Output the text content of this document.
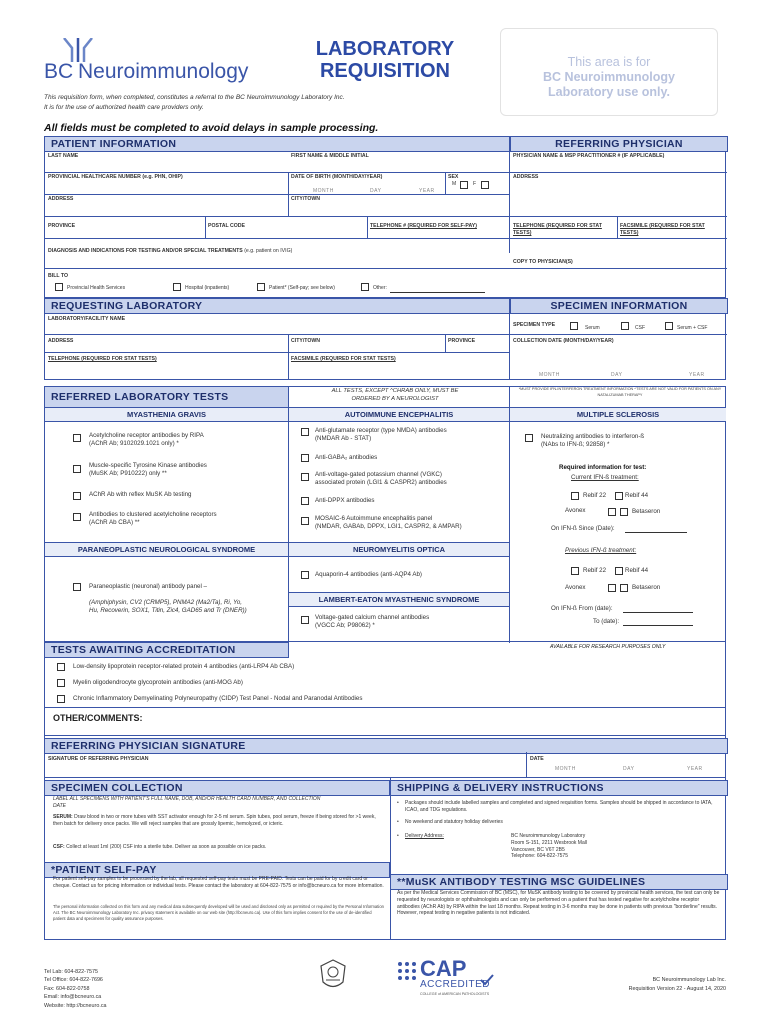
BC Neuroimmunology
LABORATORY
REQUISITION	This area is for
BC Neuroimmunology
Laboratory use only.
This requisition form, when completed, constitutes a referral to the BC Neuroimmunology Laboratory Inc.
It is for the use of authorized health care providers only.
All fields must be completed to avoid delays in sample processing.
PATIENT INFORMATION	REFERRING PHYSICIAN
LAST NAME	FIRST NAME & MIDDLE INITIAL	PHYSICIAN NAME & MSP PRACTITIONER # (IF APPLICABLE)
PROVINCIAL HEALTHCARE NUMBER (e.g. PHN, OHIP)	DATE OF BIRTH (MONTH/DAY/YEAR)
MONTH	DAY	YEAR
SEX
M	F
ADDRESS
ADDRESS	CITY/TOWN
PROVINCE	POSTAL CODE	TELEPHONE # (REQUIRED FOR SELF-PAY)	TELEPHONE (REQUIRED FOR STAT
TESTS)
FACSIMILE (REQUIRED FOR STAT
TESTS)
DIAGNOSIS AND INDICATIONS FOR TESTING AND/OR SPECIAL TREATMENTS (e.g. patient on IVIG)
COPY TO PHYSICIAN(S)
BILL TO
Provincial Health Services	Hospital (inpatients)	Patient* (Self-pay; see below)	Other:
REQUESTING LABORATORY	SPECIMEN INFORMATION
LABORATORY/FACILITY NAME
SPECIMEN TYPE	Serum	CSF	Serum + CSF
ADDRESS	CITY/TOWN	PROVINCE	COLLECTION DATE (MONTH/DAY/YEAR)
TELEPHONE (REQUIRED FOR STAT TESTS)	FACSIMILE (REQUIRED FOR STAT TESTS)
MONTH	DAY	YEAR
REFERRED LABORATORY TESTS	ALL TESTS, EXCEPT ^CHRAB ONLY, MUST BE
ORDERED BY A NEUROLOGIST
*MUST PROVIDE IFN-INTERFERON TREATMENT INFORMATION ^TESTS ARE NOT VALID FOR PATIENTS ON ANY NATALIZUMAB THERAPY
MYASTHENIA GRAVIS	AUTOIMMUNE ENCEPHALITIS	MULTIPLE SCLEROSIS
Acetylcholine receptor antibodies by RIPA
(AChR Ab; 9102029.1021 only) *
Muscle-specific Tyrosine Kinase antibodies
(MuSK Ab; P910222) only **
AChR Ab with reflex MuSK Ab testing
Antibodies to clustered acetylcholine receptors
(AChR Ab CBA) **
Anti-glutamate receptor (type NMDA) antibodies
(NMDAR Ab - STAT)
Anti-GABA₂ antibodies
Anti-voltage-gated potassium channel (VGKC)
associated protein (LGI1 & CASPR2) antibodies
Anti-DPPX antibodies
MOSAIC-6 Autoimmune encephalitis panel
(NMDAR, GABAb, DPPX, LGI1, CASPR2, & AMPAR)
Neutralizing antibodies to interferon-ß
(NAbs to IFN-ß; 92858) *
Required information for test:
Current IFN-ß treatment:
Rebif 22	Rebif 44
Avonex	Betaseron
On IFN-ß Since (Date):
PARANEOPLASTIC NEUROLOGICAL SYNDROME	NEUROMYELITIS OPTICA
Paraneoplastic (neuronal) antibody panel –
(Amphiphysin, CV2 (CRMP5), PNMA2 (Ma2/Ta), Ri, Yo,
Hu, Recoverin, SOX1, Titin, Zic4, GAD65 and Tr (DNER))
Aquaporin-4 antibodies (anti-AQP4 Ab)
LAMBERT-EATON MYASTHENIC SYNDROME
Voltage-gated calcium channel antibodies
(VGCC Ab; P98062) *
Previous IFN-ß treatment:
Rebif 22	Rebif 44
Avonex	Betaseron
On IFN-ß From (date):
To (date):
TESTS AWAITING ACCREDITATION	AVAILABLE FOR RESEARCH PURPOSES ONLY
Low-density lipoprotein receptor-related protein 4 antibodies (anti-LRP4 Ab CBA)
Myelin oligodendrocyte glycoprotein antibodies (anti-MOG Ab)
Chronic Inflammatory Demyelinating Polyneuropathy (CIDP) Test Panel - Nodal and Paranodal Antibodies
OTHER/COMMENTS:
REFERRING PHYSICIAN SIGNATURE
SIGNATURE OF REFERRING PHYSICIAN	DATE
MONTH	DAY	YEAR
SPECIMEN COLLECTION
LABEL ALL SPECIMENS WITH PATIENT'S FULL NAME, DOB, AND/OR HEALTH CARD NUMBER, AND COLLECTION
DATE
SERUM: Draw blood in two or more tubes with SST activator enough for 2-5 ml serum. Spin tubes, pool serum, freeze if being stored for >1 week, then batch for delivery once packs. We will reject samples that are grossly lipemic, hemolyzed, or icteric.
CSF: Collect at least 1ml (200) CSF into a sterile tube. Deliver as soon as possible on ice packs.
*PATIENT SELF-PAY
For patient self-pay samples to be processed by the lab, all requested self-pay tests must be PRE-PAID. Tests can be paid for by credit card or cheque. Contact us for pricing information or individual tests. Please contact the laboratory at 604-822-7575 or info@bcneuro.ca for more information.
The personal information collected on this form and any medical data subsequently developed will be used and disclosed only as permitted or required by the Personal Information Act. The BC Neuroimmunology Laboratory Inc. privacy statement is available on our web site (http://bcneuro.ca). Use of this form implies consent for the use of de-identified patient data and specimens for quality assurance purposes.
SHIPPING & DELIVERY INSTRUCTIONS
• Packages should include labelled samples and completed and signed requisition forms. Samples should be shipped in accordance to IATA, ICAO, and TDG regulations.
• No weekend and statutory holiday deliveries
• Delivery Address:	BC Neuroimmunology Laboratory
Room S-151, 2211 Wesbrook Mall
Vancouver, BC V6T 2B5
Telephone: 604-822-7575
**MuSK ANTIBODY TESTING MSC GUIDELINES
As per the Medical Services Commission of BC (MSC), for MuSK antibody testing to be covered by provincial health services, the test can only be requested by neurologists or ophthalmologists and can only be performed on a patient that has tested negative for acetylcholine receptor antibodies (AChR Ab) by RIPA within the last 18 months. Repeat testing in 3-6 months may be done in patients with previous "borderline" results. However, repeat testing in negative patients is not indicated.
Tel Lab: 604-822-7575
Tel Office: 604-822-7696
Fax: 604-822-0758
Email: info@bcneuro.ca
Website: http://bcneuro.ca
CAP
ACCREDITED
COLLEGE of AMERICAN PATHOLOGISTS
BC Neuroimmunology Lab Inc.
Requisition Version 22 - August 14, 2020
